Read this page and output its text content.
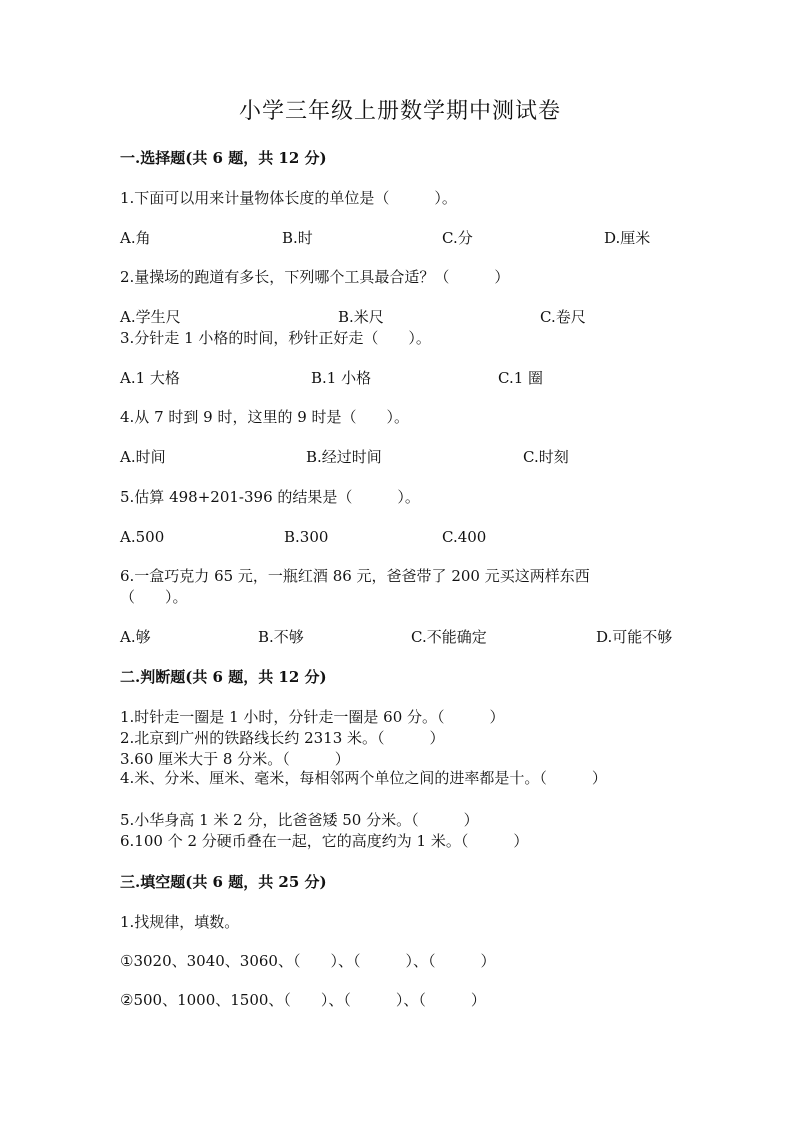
小学三年级上册数学期中测试卷
一.选择题(共 6 题，共 12 分)
1.下面可以用来计量物体长度的单位是（　　　）。
A.角	B.时	C.分	D.厘米
2.量操场的跑道有多长，下列哪个工具最合适？（　　　）
A.学生尺	B.米尺	C.卷尺
3.分针走 1 小格的时间，秒针正好走（　　）。
A.1 大格	B.1 小格	C.1 圈
4.从 7 时到 9 时，这里的 9 时是（　　）。
A.时间	B.经过时间	C.时刻
5.估算 498+201-396 的结果是（　　　）。
A.500	B.300	C.400
6.一盒巧克力 65 元，一瓶红酒 86 元，爸爸带了 200 元买这两样东西
（　　）。
A.够	B.不够	C.不能确定	D.可能不够
二.判断题(共 6 题，共 12 分)
1.时针走一圈是 1 小时，分针走一圈是 60 分。（　　　）
2.北京到广州的铁路线长约 2313 米。（　　　）
3.60 厘米大于 8 分米。（　　　）
4.米、分米、厘米、毫米，每相邻两个单位之间的进率都是十。（　　　）
5.小华身高 1 米 2 分，比爸爸矮 50 分米。（　　　）
6.100 个 2 分硬币叠在一起，它的高度约为 1 米。（　　　）
三.填空题(共 6 题，共 25 分)
1.找规律，填数。
①3020、3040、3060、（　　）、（　　　）、（　　　）
②500、1000、1500、（　　）、（　　　）、（　　　）
